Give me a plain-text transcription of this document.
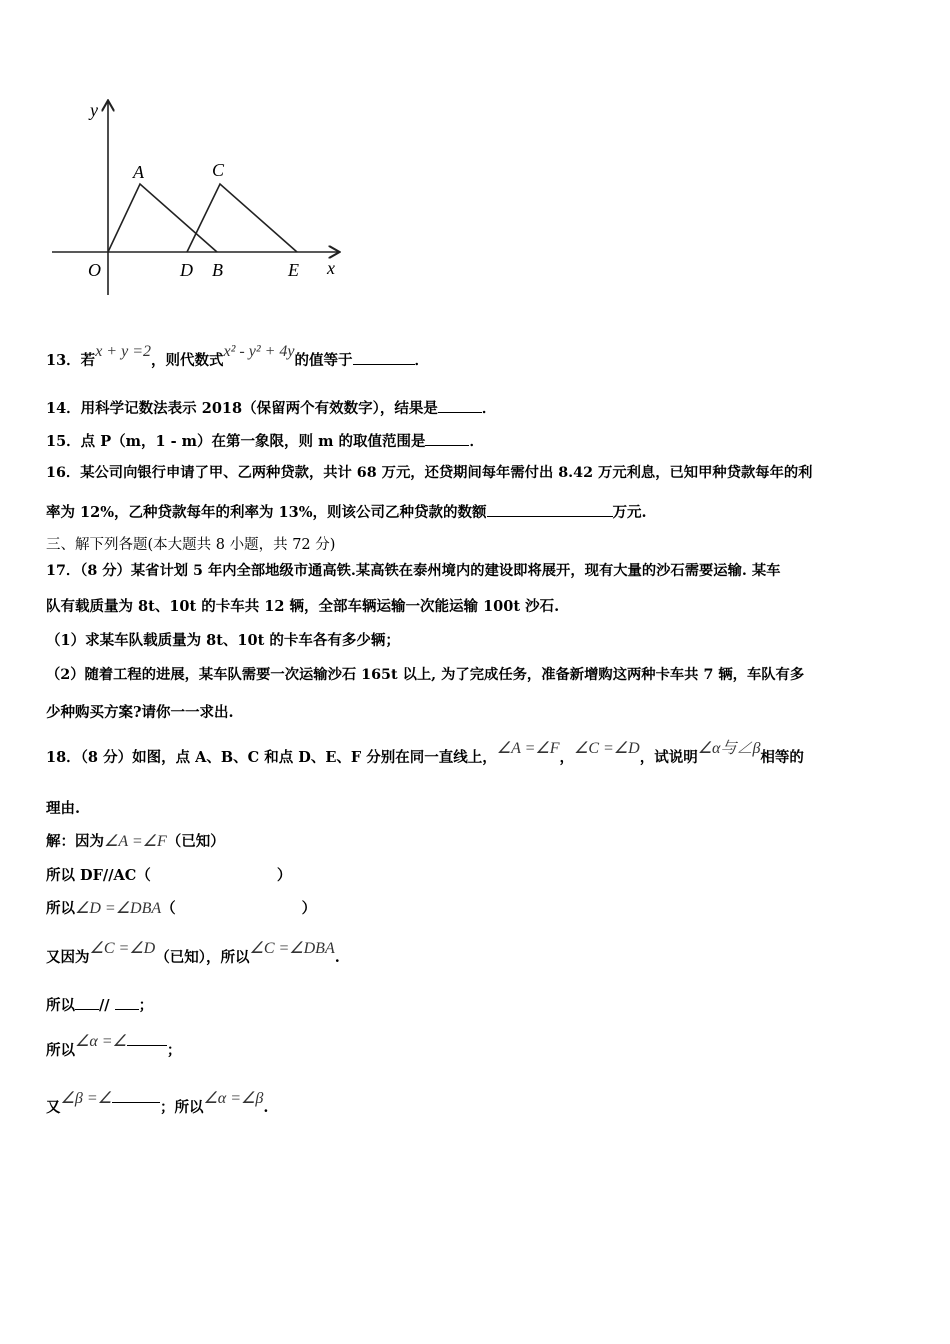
y
x
A	C
O	D B	E
13．若x + y =2，则代数式x² - y² + 4y的值等于	．
14．用科学记数法表示 2018（保留两个有效数字），结果是	．
15．点 P（m，1 - m）在第一象限，则 m 的取值范围是	．
16．某公司向银行申请了甲、乙两种贷款，共计 68 万元，还贷期间每年需付出 8.42 万元利息，已知甲种贷款每年的利
率为 12%，乙种贷款每年的利率为 13%，则该公司乙种贷款的数额	万元.
三、解下列各题(本大题共 8 小题，共 72 分)
17．（8 分）某省计划 5 年内全部地级市通高铁.某高铁在泰州境内的建设即将展开，现有大量的沙石需要运输. 某车
队有载质量为 8t、10t 的卡车共 12 辆，全部车辆运输一次能运输 100t 沙石.
（1）求某车队载质量为 8t、10t 的卡车各有多少辆；
（2）随着工程的进展，某车队需要一次运输沙石 165t 以上, 为了完成任务，准备新增购这两种卡车共 7 辆，车队有多
少种购买方案?请你一一求出.
18．（8 分）如图，点 A、B、C 和点 D、E、F 分别在同一直线上，∠A =∠F，∠C =∠D，试说明∠α与∠β相等的
理由.
解：因为∠A =∠F（已知）
所以 DF//AC（	）
所以∠D =∠DBA（	）
又因为∠C =∠D（已知），所以∠C =∠DBA.
所以 // ；
所以∠α =∠；
又∠β =∠；所以∠α =∠β.
